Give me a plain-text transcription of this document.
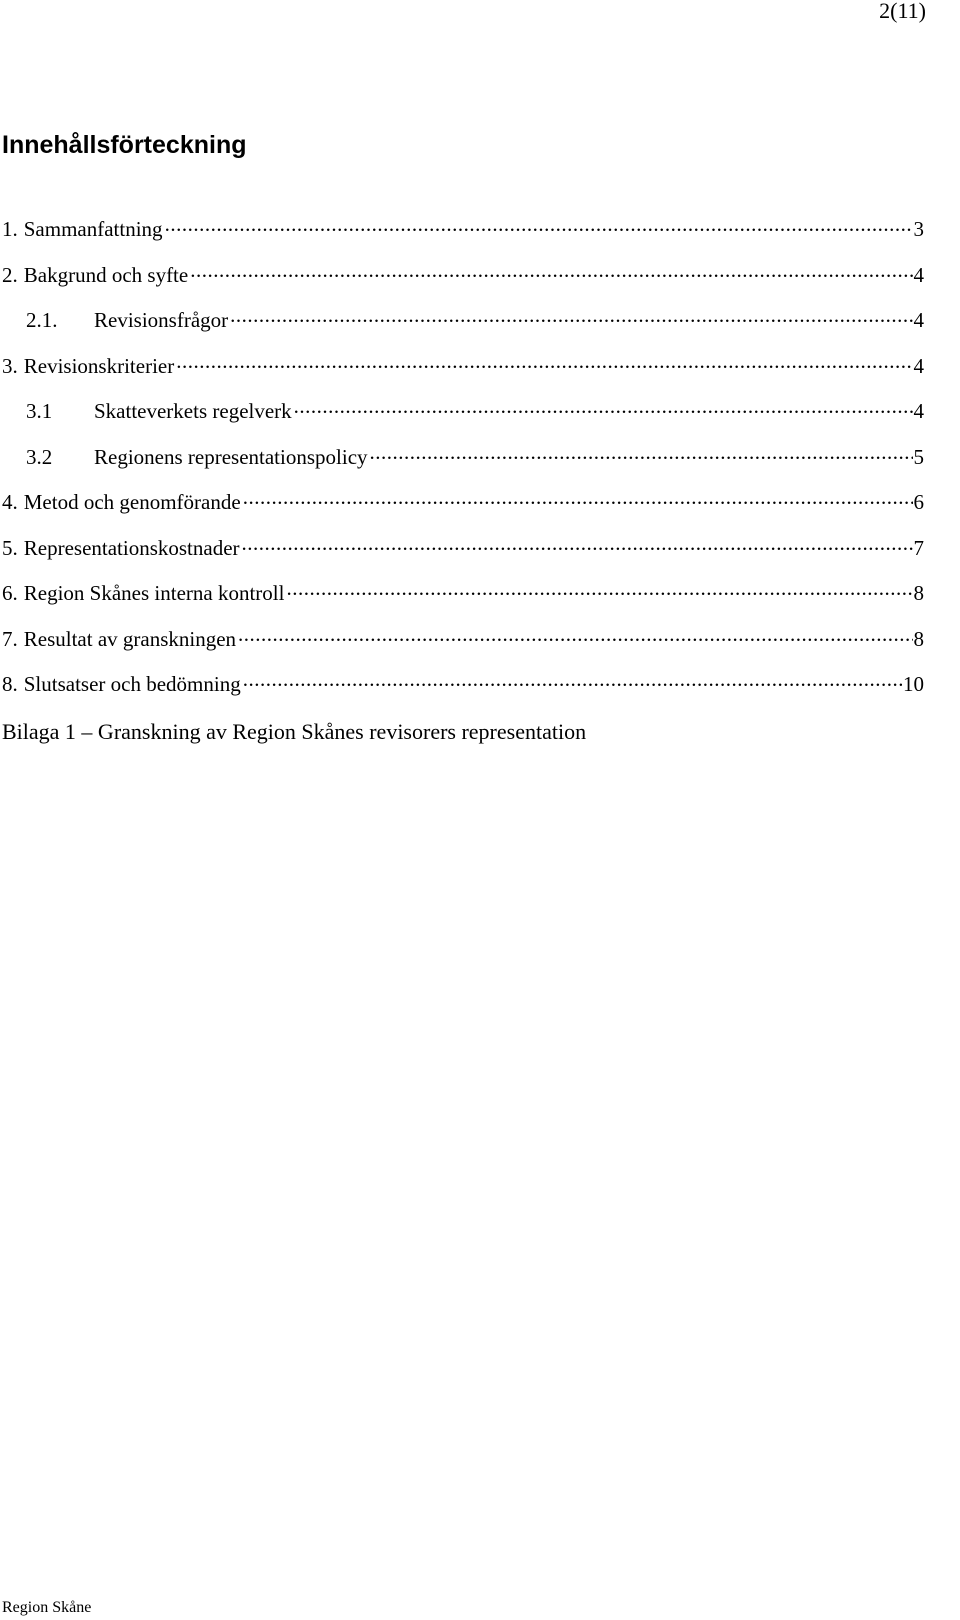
2(11)
Innehållsförteckning
1. Sammanfattning .....	3
2. Bakgrund och syfte .....	4
2.1.	Revisionsfrågor .....	4
3. Revisionskriterier .....	4
3.1	Skatteverkets regelverk .....	4
3.2	Regionens representationspolicy .....	5
4. Metod och genomförande .....	6
5. Representationskostnader .....	7
6. Region Skånes interna kontroll .....	8
7. Resultat av granskningen .....	8
8. Slutsatser och bedömning .....	10
Bilaga 1 – Granskning av Region Skånes revisorers representation
Region Skåne
